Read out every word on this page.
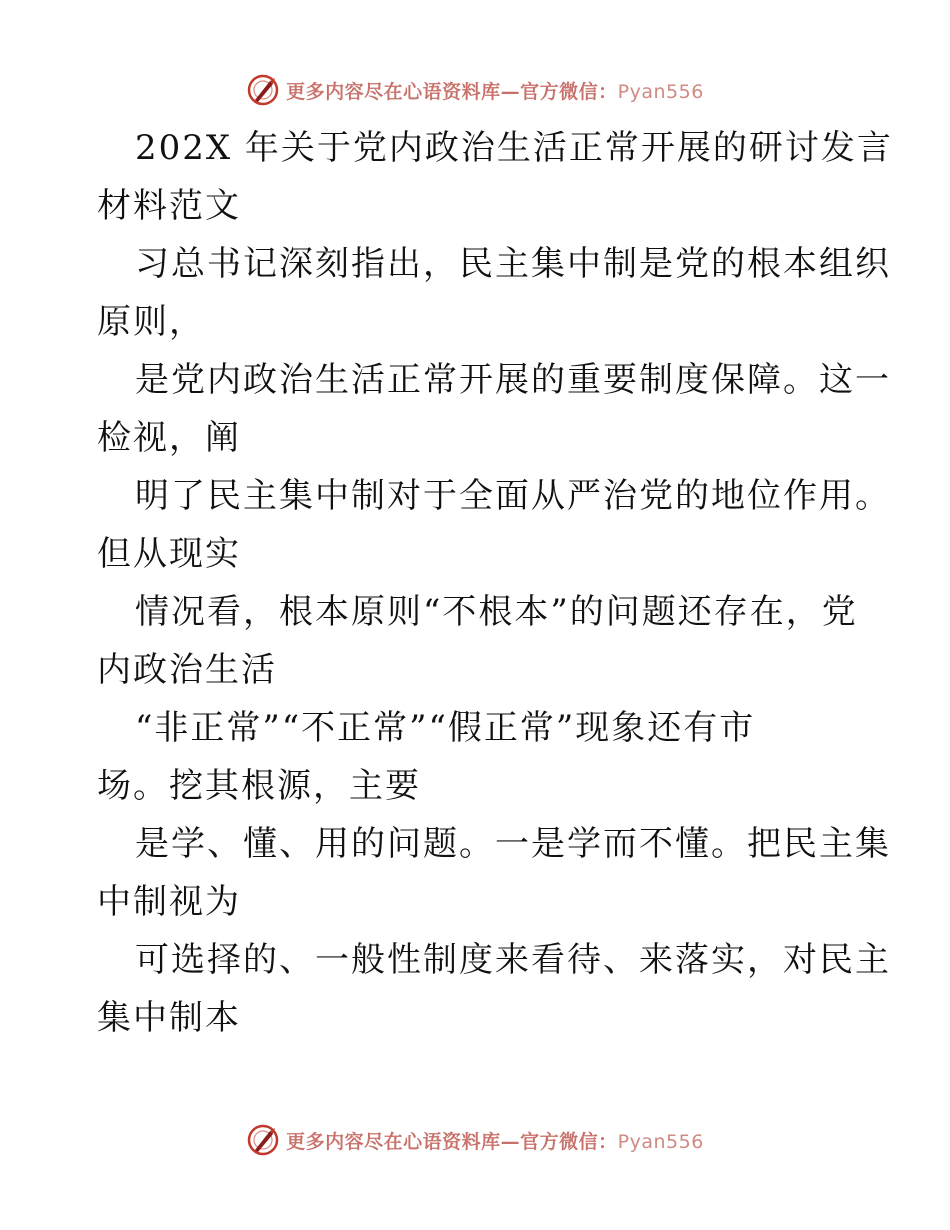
更多内容尽在心语资料库—官方微信：Pyan556
202X 年关于党内政治生活正常开展的研讨发言
材料范文
习总书记深刻指出，民主集中制是党的根本组织
原则，
是党内政治生活正常开展的重要制度保障。这一
检视，阐
明了民主集中制对于全面从严治党的地位作用。
但从现实
情况看，根本原则“不根本”的问题还存在，党
内政治生活
“非正常”“不正常”“假正常”现象还有市
场。挖其根源，主要
是学、懂、用的问题。一是学而不懂。把民主集
中制视为
可选择的、一般性制度来看待、来落实，对民主
集中制本
更多内容尽在心语资料库—官方微信：Pyan556
